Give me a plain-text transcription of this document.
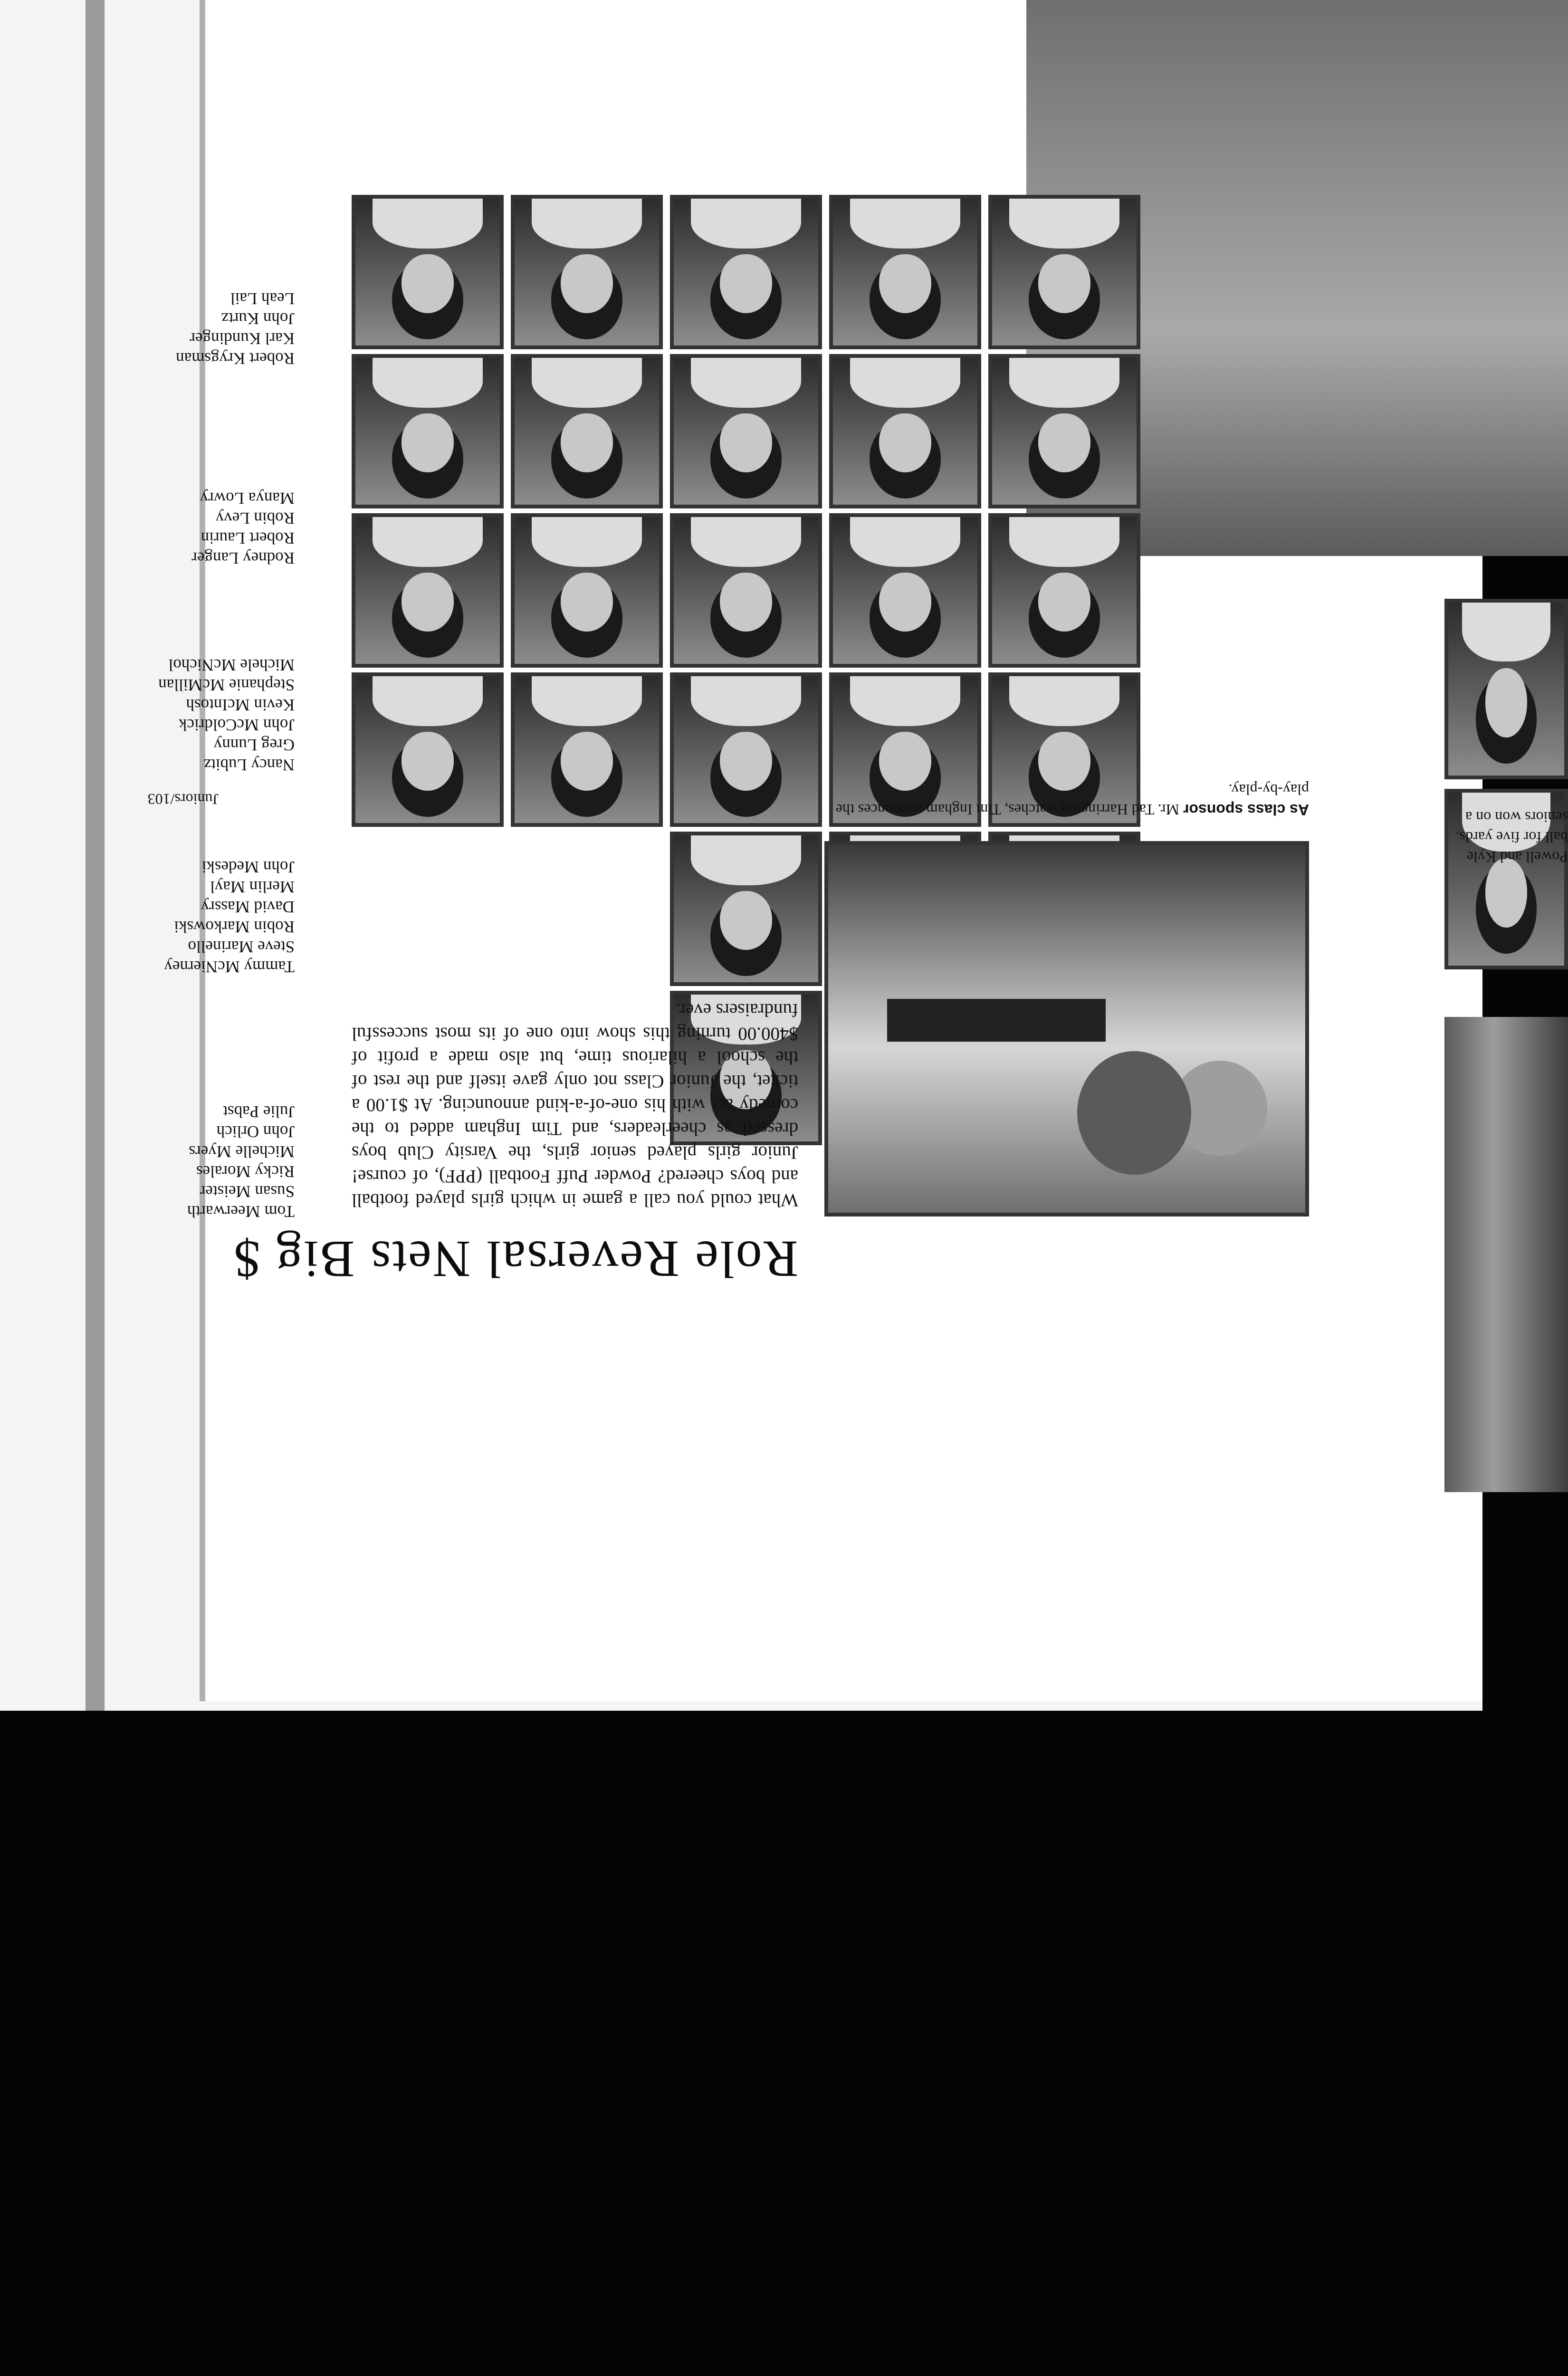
Robert Krygsman
Karl Kundinger
John Kurtz
Leah Lail
Rodney Langer
Robert Laurin
Robin Levy
Manya Lowry
Nancy Lubitz
Greg Lunny
John McColdrick
Kevin McIntosh
Stephanie McMillan
Michele McNichol
Tammy McNierney
Steve Marinello
Robin Markowski
David Massry
Merlin Mayl
John Medeski
Tom Meerwarth
Susan Meister
Ricky Morales
Michelle Myers
John Orlich
Julie Pabst
Role Reversal Nets Big $
What could you call a game in which girls played football and boys cheered? Powder Puff Football (PPF), of course! Junior girls played senior girls, the Varsity Club boys dressed as cheerleaders, and Tim Ingham added to the comedy act with his one-of-a-kind announcing. At $1.00 a ticket, the Junior Class not only gave itself and the rest of the school a hilarious time, but also made a profit of $400.00 turning this show into one of its most successful fundraisers ever.
As class sponsor Mr. Tad Harrington watches, Tim Ingham announces the play-by-play.
Juniors/103
Powell and Kyle ball for five yards. seniors won on a
